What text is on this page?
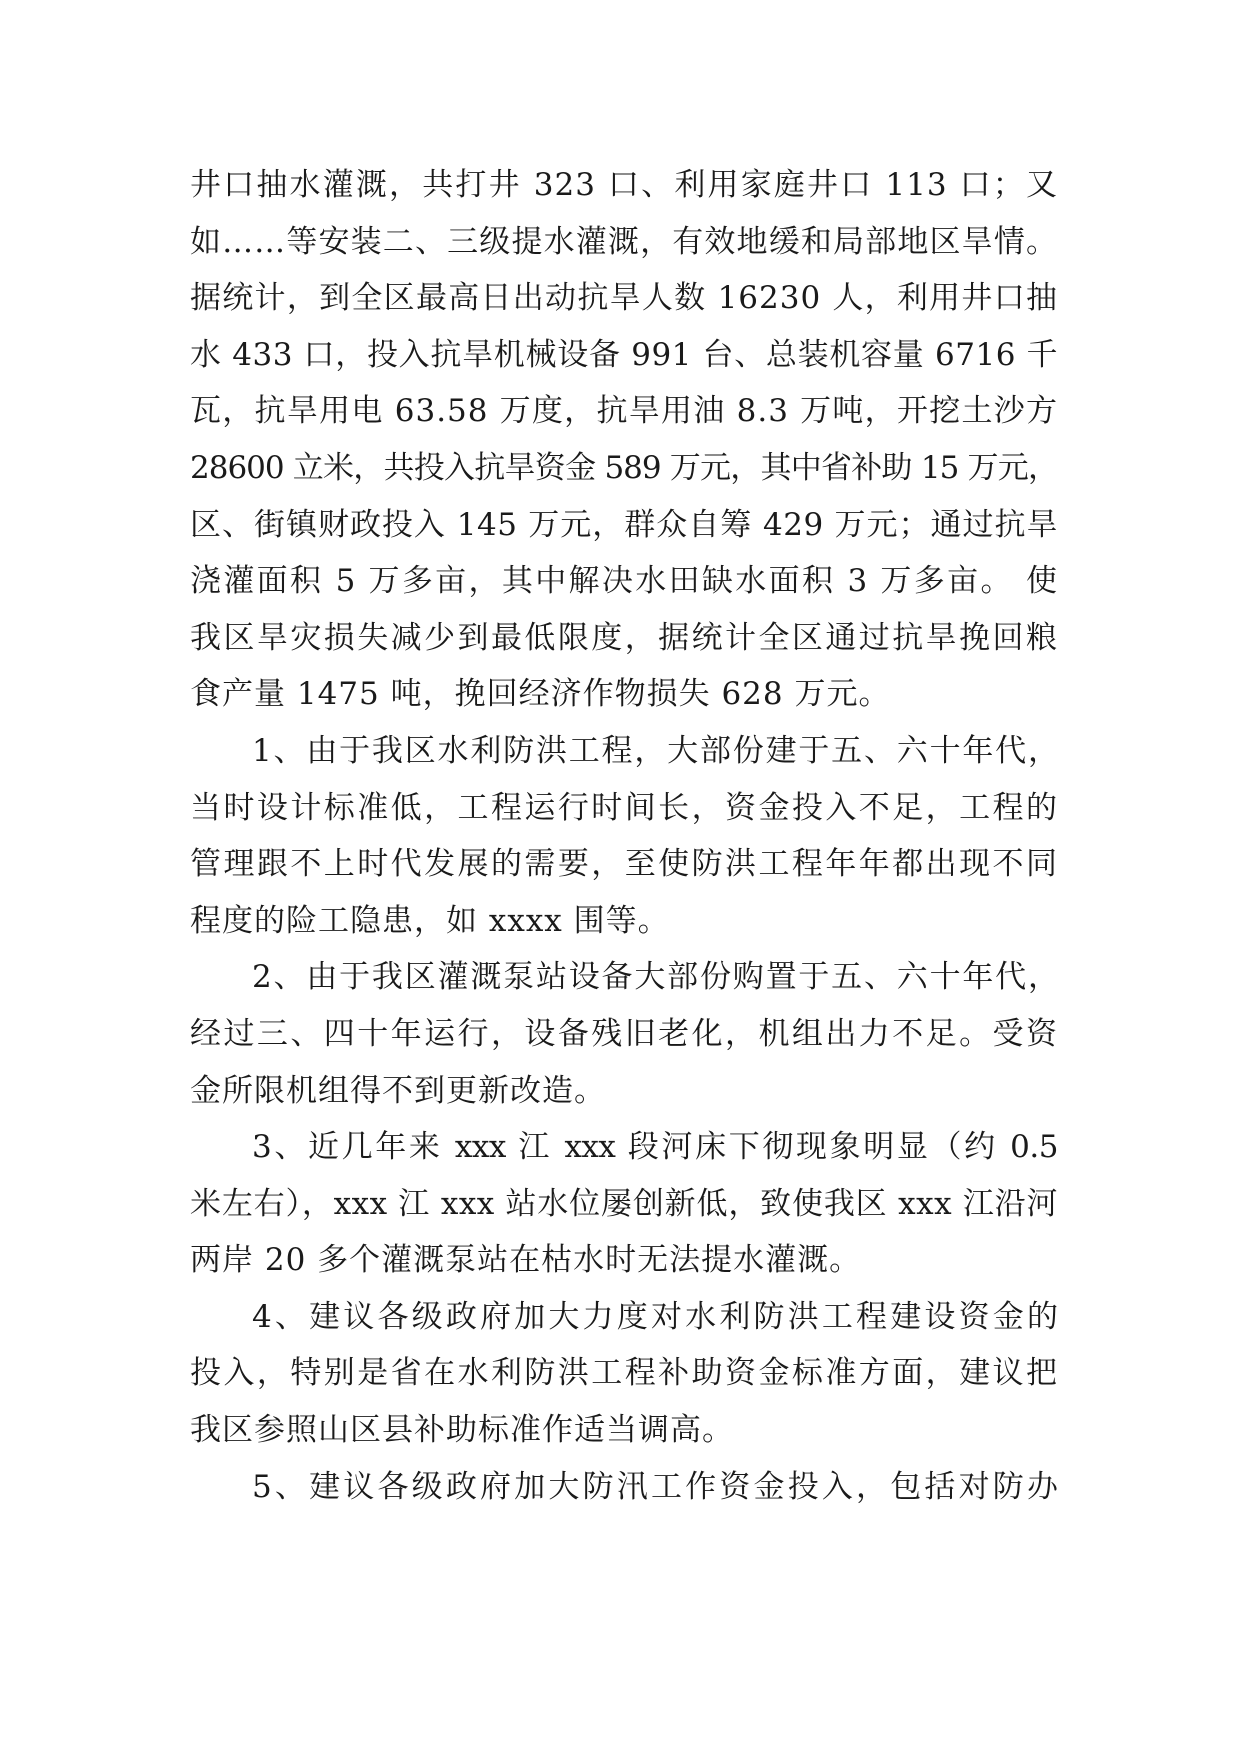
井口抽水灌溉，共打井 323 口、利用家庭井口 113 口；又
如……等安装二、三级提水灌溉，有效地缓和局部地区旱情。
据统计，到全区最高日出动抗旱人数 16230 人，利用井口抽
水 433 口，投入抗旱机械设备 991 台、总装机容量 6716 千
瓦，抗旱用电 63.58 万度，抗旱用油 8.3 万吨，开挖土沙方
28600 立米，共投入抗旱资金 589 万元，其中省补助 15 万元，
区、街镇财政投入 145 万元，群众自筹 429 万元；通过抗旱
浇灌面积 5 万多亩，其中解决水田缺水面积 3 万多亩。 使
我区旱灾损失减少到最低限度，据统计全区通过抗旱挽回粮
食产量 1475 吨，挽回经济作物损失 628 万元。

1、由于我区水利防洪工程，大部份建于五、六十年代，
当时设计标准低，工程运行时间长，资金投入不足，工程的
管理跟不上时代发展的需要，至使防洪工程年年都出现不同
程度的险工隐患，如 xxxx 围等。

2、由于我区灌溉泵站设备大部份购置于五、六十年代，
经过三、四十年运行，设备残旧老化，机组出力不足。受资
金所限机组得不到更新改造。

3、近几年来 xxx 江 xxx 段河床下彻现象明显（约 0.5
米左右），xxx 江 xxx 站水位屡创新低，致使我区 xxx 江沿河
两岸 20 多个灌溉泵站在枯水时无法提水灌溉。

4、建议各级政府加大力度对水利防洪工程建设资金的
投入，特别是省在水利防洪工程补助资金标准方面，建议把
我区参照山区县补助标准作适当调高。

5、建议各级政府加大防汛工作资金投入，包括对防办
